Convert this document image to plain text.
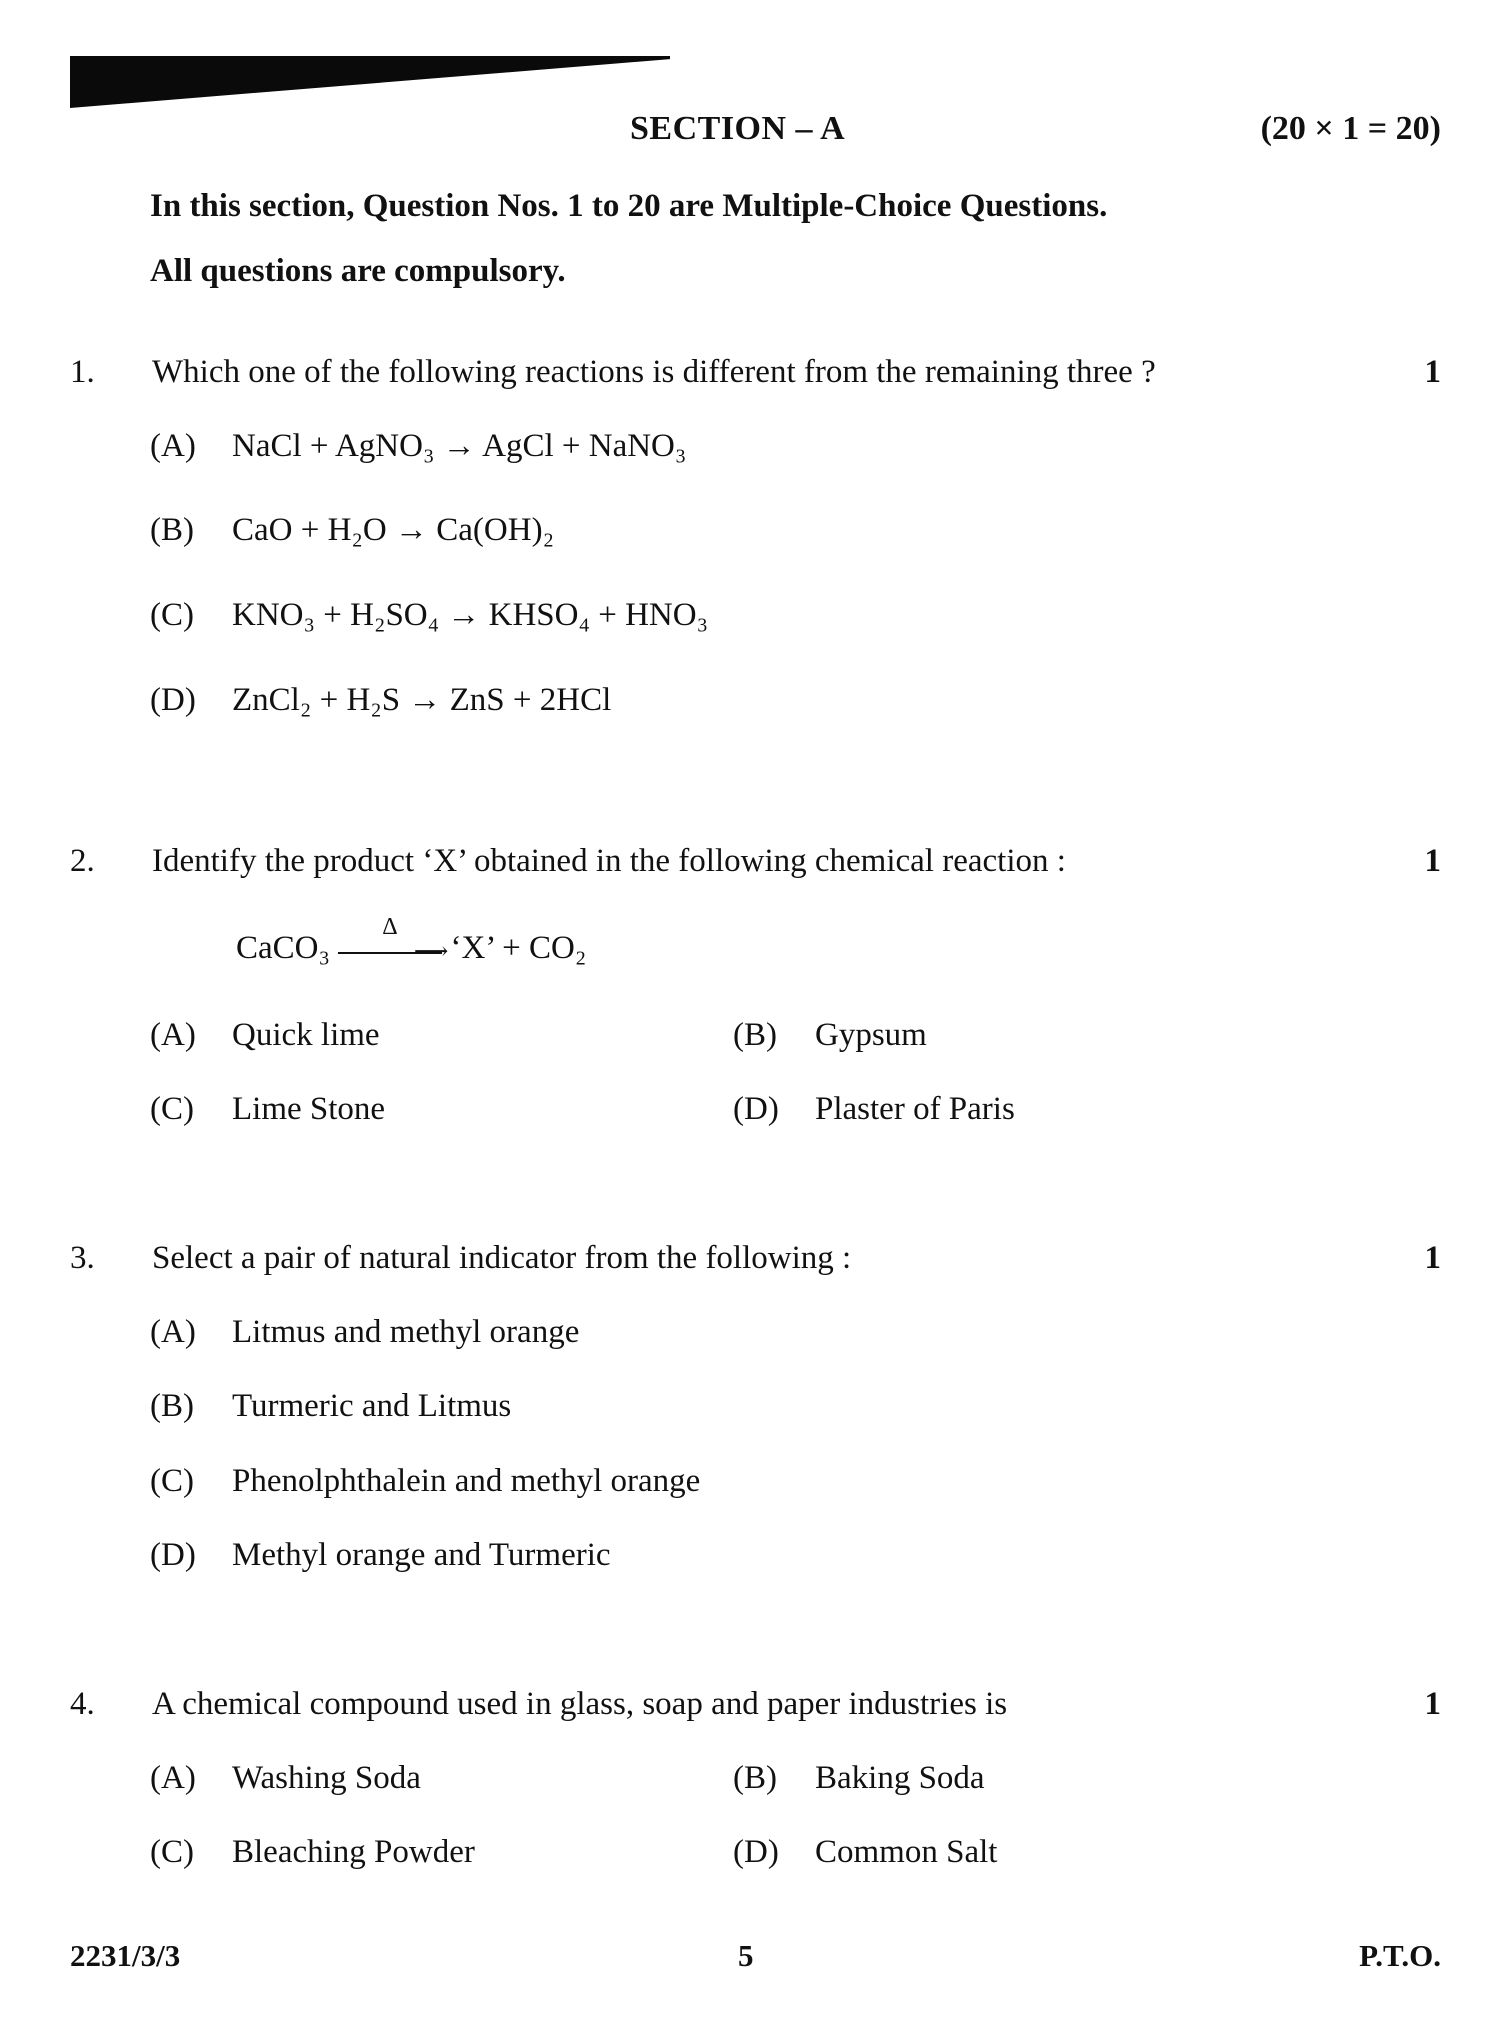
SECTION – A	(20 × 1 = 20)
In this section, Question Nos. 1 to 20 are Multiple-Choice Questions.
All questions are compulsory.
1. Which one of the following reactions is different from the remaining three ?	1
(A) NaCl + AgNO₃ → AgCl + NaNO₃
(B) CaO + H₂O → Ca(OH)₂
(C) KNO₃ + H₂SO₄ → KHSO₄ + HNO₃
(D) ZnCl₂ + H₂S → ZnS + 2HCl
2. Identify the product ‘X’ obtained in the following chemical reaction :	1
CaCO₃
Δ
⟶ ‘X’ + CO₂
(A) Quick lime	(B) Gypsum
(C) Lime Stone	(D) Plaster of Paris
3. Select a pair of natural indicator from the following :	1
(A) Litmus and methyl orange
(B) Turmeric and Litmus
(C) Phenolphthalein and methyl orange
(D) Methyl orange and Turmeric
4. A chemical compound used in glass, soap and paper industries is	1
(A) Washing Soda	(B) Baking Soda
(C) Bleaching Powder	(D) Common Salt
2231/3/3	5	P.T.O.
